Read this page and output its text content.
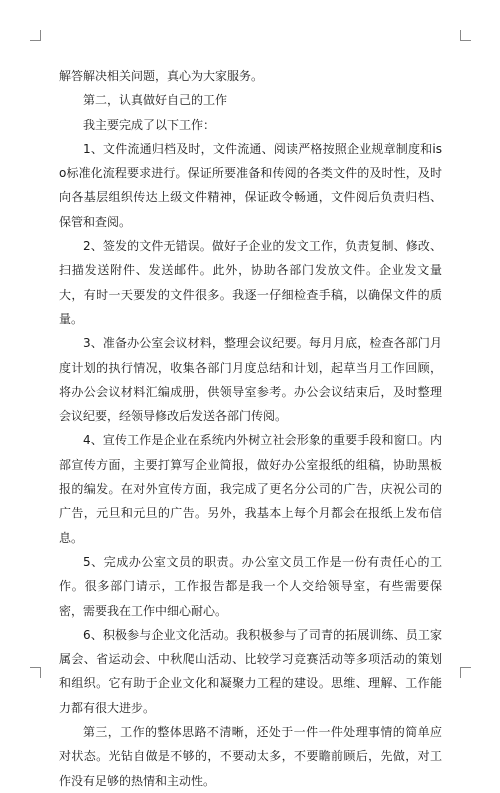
解答解决相关问题，真心为大家服务。

第二，认真做好自己的工作

我主要完成了以下工作：

1、文件流通归档及时，文件流通、阅读严格按照企业规章制度和iso标准化流程要求进行。保证所要准备和传阅的各类文件的及时性，及时向各基层组织传达上级文件精神，保证政令畅通，文件阅后负责归档、保管和查阅。

2、签发的文件无错误。做好子企业的发文工作，负责复制、修改、扫描发送附件、发送邮件。此外，协助各部门发放文件。企业发文量大，有时一天要发的文件很多。我逐一仔细检查手稿，以确保文件的质量。

3、准备办公室会议材料，整理会议纪要。每月月底，检查各部门月度计划的执行情况，收集各部门月度总结和计划，起草当月工作回顾，将办公会议材料汇编成册，供领导室参考。办公会议结束后，及时整理会议纪要，经领导修改后发送各部门传阅。

4、宣传工作是企业在系统内外树立社会形象的重要手段和窗口。内部宣传方面，主要打算写企业简报，做好办公室报纸的组稿，协助黑板报的编发。在对外宣传方面，我完成了更名分公司的广告，庆祝公司的广告，元旦和元旦的广告。另外，我基本上每个月都会在报纸上发布信息。

5、完成办公室文员的职责。办公室文员工作是一份有责任心的工作。很多部门请示，工作报告都是我一个人交给领导室，有些需要保密，需要我在工作中细心耐心。

6、积极参与企业文化活动。我积极参与了司青的拓展训练、员工家属会、省运动会、中秋爬山活动、比较学习竞赛活动等多项活动的策划和组织。它有助于企业文化和凝聚力工程的建设。思维、理解、工作能力都有很大进步。

第三，工作的整体思路不清晰，还处于一件一件处理事情的简单应对状态。光钻自做是不够的，不要动太多，不要瞻前顾后，先做，对工作没有足够的热情和主动性。
